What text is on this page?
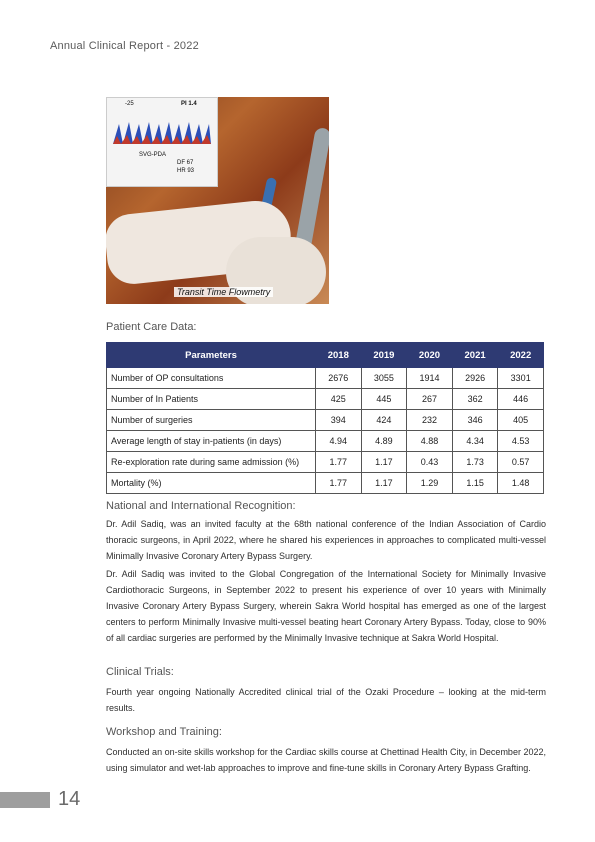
Annual Clinical Report - 2022
-25	PI 1.4
SVG-PDA
DF 67
HR 93
Transit Time Flowmetry
Patient Care Data:
Parameters	2018	2019	2020	2021	2022
Number of OP consultations	2676	3055	1914	2926	3301
Number of In Patients	425	445	267	362	446
Number of surgeries	394	424	232	346	405
Average length of stay in-patients (in days)	4.94	4.89	4.88	4.34	4.53
Re-exploration rate during same admission (%)	1.77	1.17	0.43	1.73	0.57
Mortality (%)	1.77	1.17	1.29	1.15	1.48
National and International Recognition:
Dr. Adil Sadiq, was an invited faculty at the 68th national conference of the Indian Association of Cardio thoracic surgeons, in April 2022, where he shared his experiences in approaches to complicated multi-vessel Minimally Invasive Coronary Artery Bypass Surgery.
Dr. Adil Sadiq was invited to the Global Congregation of the International Society for Minimally Invasive Cardiothoracic Surgeons, in September 2022 to present his experience of over 10 years with Minimally Invasive Coronary Artery Bypass Surgery, wherein Sakra World hospital has emerged as one of the largest centers to perform Minimally Invasive multi-vessel beating heart Coronary Artery Bypass. Today, close to 90% of all cardiac surgeries are performed by the Minimally Invasive technique at Sakra World Hospital.
Clinical Trials:
Fourth year ongoing Nationally Accredited clinical trial of the Ozaki Procedure – looking at the mid-term results.
Workshop and Training:
Conducted an on-site skills workshop for the Cardiac skills course at Chettinad Health City, in December 2022, using simulator and wet-lab approaches to improve and fine-tune skills in Coronary Artery Bypass Grafting.
14
